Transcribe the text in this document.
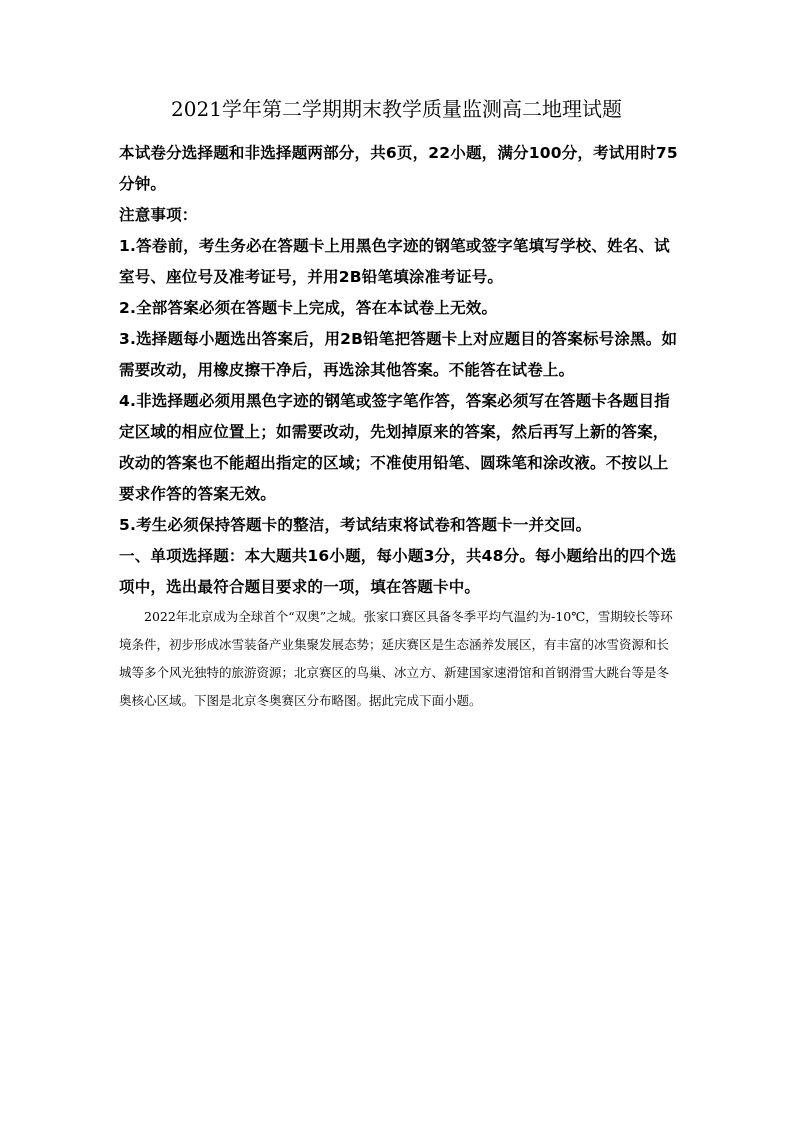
2021学年第二学期期末教学质量监测高二地理试题

本试卷分选择题和非选择题两部分，共6页，22小题，满分100分，考试用时75分钟。

注意事项：

1.答卷前，考生务必在答题卡上用黑色字迹的钢笔或签字笔填写学校、姓名、试室号、座位号及准考证号，并用2B铅笔填涂准考证号。

2.全部答案必须在答题卡上完成，答在本试卷上无效。

3.选择题每小题选出答案后，用2B铅笔把答题卡上对应题目的答案标号涂黑。如需要改动，用橡皮擦干净后，再选涂其他答案。不能答在试卷上。

4.非选择题必须用黑色字迹的钢笔或签字笔作答，答案必须写在答题卡各题目指定区域的相应位置上；如需要改动，先划掉原来的答案，然后再写上新的答案，改动的答案也不能超出指定的区域；不准使用铅笔、圆珠笔和涂改液。不按以上要求作答的答案无效。

5.考生必须保持答题卡的整洁，考试结束将试卷和答题卡一并交回。

一、单项选择题：本大题共16小题，每小题3分，共48分。每小题给出的四个选项中，选出最符合题目要求的一项，填在答题卡中。

2022年北京成为全球首个“双奥”之城。张家口赛区具备冬季平均气温约为-10℃，雪期较长等环境条件，初步形成冰雪装备产业集聚发展态势；延庆赛区是生态涵养发展区，有丰富的冰雪资源和长城等多个风光独特的旅游资源；北京赛区的鸟巢、冰立方、新建国家速滑馆和首钢滑雪大跳台等是冬奥核心区域。下图是北京冬奥赛区分布略图。据此完成下面小题。
